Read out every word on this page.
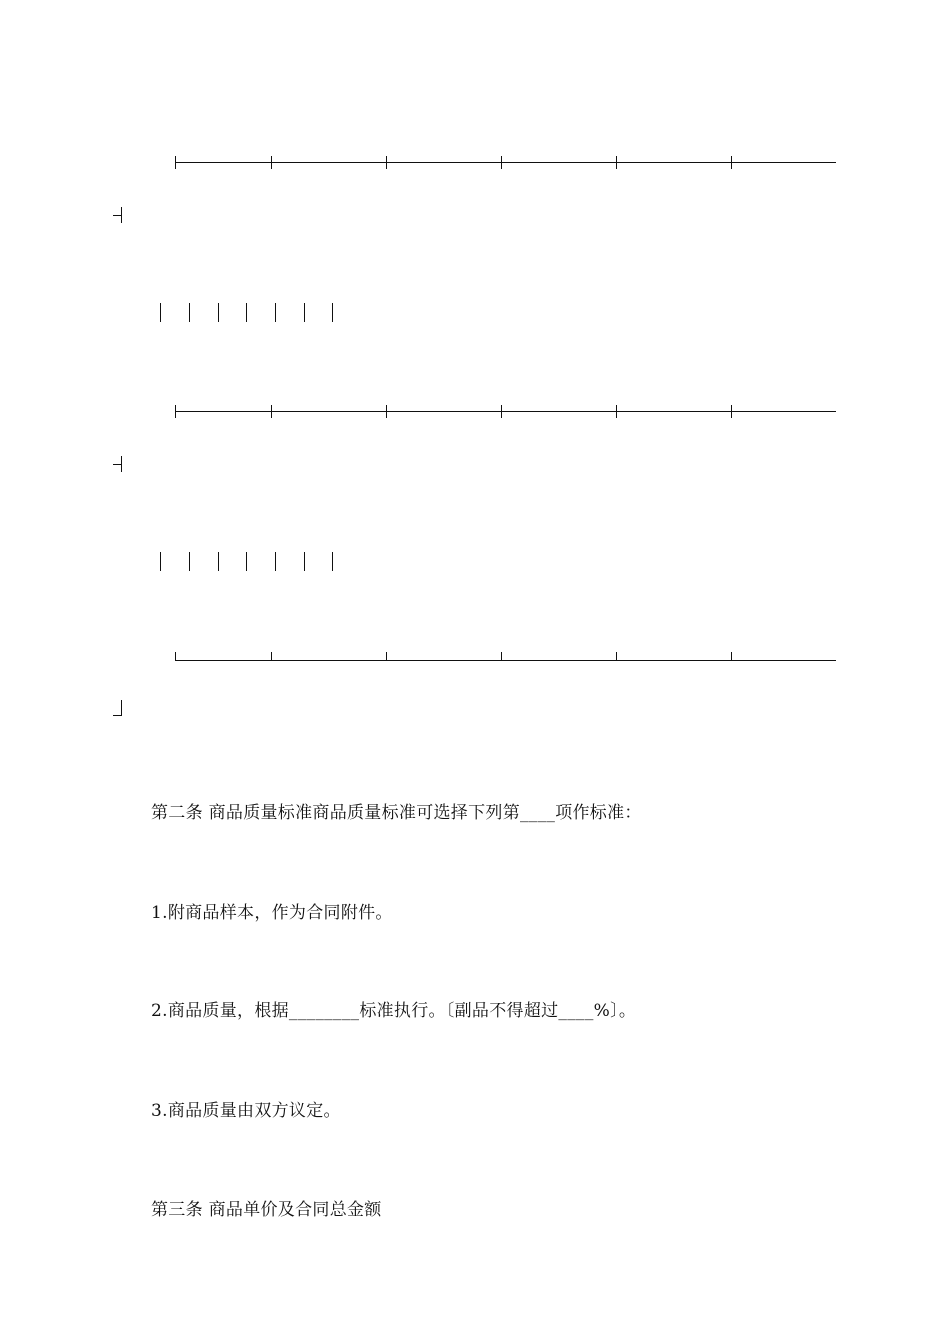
第二条 商品质量标准商品质量标准可选择下列第____项作标准：
1.附商品样本，作为合同附件。
2.商品质量，根据________标准执行。〔副品不得超过____%〕。
3.商品质量由双方议定。
第三条 商品单价及合同总金额
